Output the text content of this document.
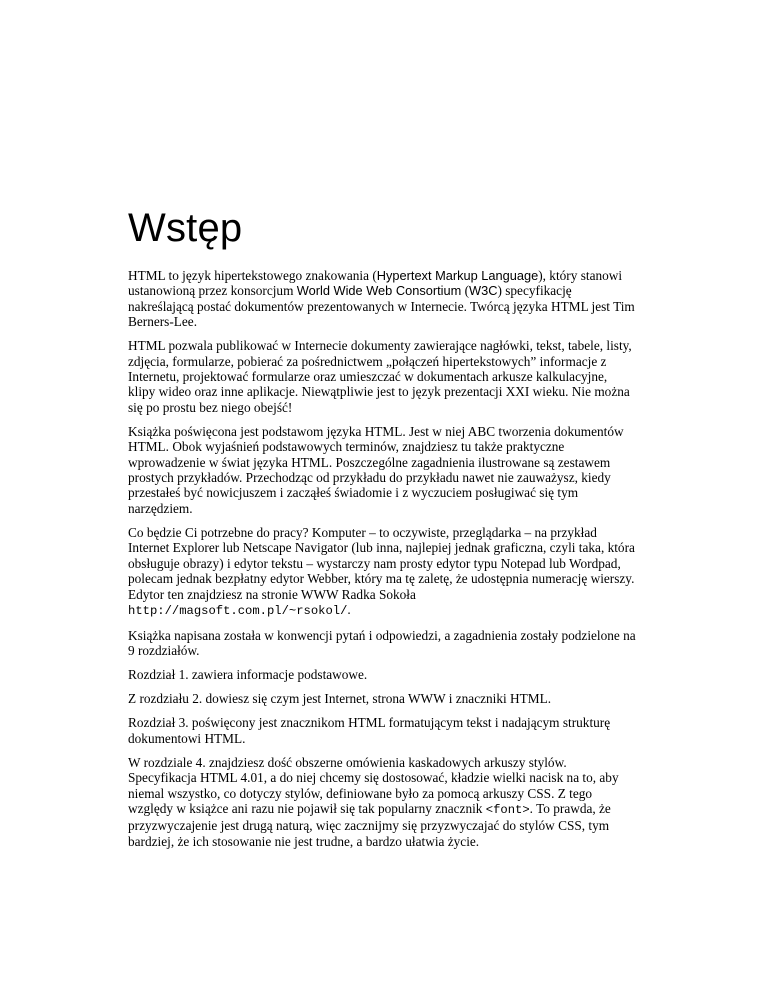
Wstęp

HTML to język hipertekstowego znakowania (Hypertext Markup Language), który stanowi ustanowioną przez konsorcjum World Wide Web Consortium (W3C) specyfikację nakreślającą postać dokumentów prezentowanych w Internecie. Twórcą języka HTML jest Tim Berners-Lee.

HTML pozwala publikować w Internecie dokumenty zawierające nagłówki, tekst, tabele, listy, zdjęcia, formularze, pobierać za pośrednictwem „połączeń hipertekstowych” informacje z Internetu, projektować formularze oraz umieszczać w dokumentach arkusze kalkulacyjne, klipy wideo oraz inne aplikacje. Niewątpliwie jest to język prezentacji XXI wieku. Nie można się po prostu bez niego obejść!

Książka poświęcona jest podstawom języka HTML. Jest w niej ABC tworzenia dokumentów HTML. Obok wyjaśnień podstawowych terminów, znajdziesz tu także praktyczne wprowadzenie w świat języka HTML. Poszczególne zagadnienia ilustrowane są zestawem prostych przykładów. Przechodząc od przykładu do przykładu nawet nie zauważysz, kiedy przestałeś być nowicjuszem i zacząłeś świadomie i z wyczuciem posługiwać się tym narzędziem.

Co będzie Ci potrzebne do pracy? Komputer – to oczywiste, przeglądarka – na przykład Internet Explorer lub Netscape Navigator (lub inna, najlepiej jednak graficzna, czyli taka, która obsługuje obrazy) i edytor tekstu – wystarczy nam prosty edytor typu Notepad lub Wordpad, polecam jednak bezpłatny edytor Webber, który ma tę zaletę, że udostępnia numerację wierszy. Edytor ten znajdziesz na stronie WWW Radka Sokoła http://magsoft.com.pl/~rsokol/.

Książka napisana została w konwencji pytań i odpowiedzi, a zagadnienia zostały podzielone na 9 rozdziałów.

Rozdział 1. zawiera informacje podstawowe.

Z rozdziału 2. dowiesz się czym jest Internet, strona WWW i znaczniki HTML.

Rozdział 3. poświęcony jest znacznikom HTML formatującym tekst i nadającym strukturę dokumentowi HTML.

W rozdziale 4. znajdziesz dość obszerne omówienia kaskadowych arkuszy stylów. Specyfikacja HTML 4.01, a do niej chcemy się dostosować, kładzie wielki nacisk na to, aby niemal wszystko, co dotyczy stylów, definiowane było za pomocą arkuszy CSS. Z tego względy w książce ani razu nie pojawił się tak popularny znacznik <font>. To prawda, że przyzwyczajenie jest drugą naturą, więc zacznijmy się przyzwyczajać do stylów CSS, tym bardziej, że ich stosowanie nie jest trudne, a bardzo ułatwia życie.
